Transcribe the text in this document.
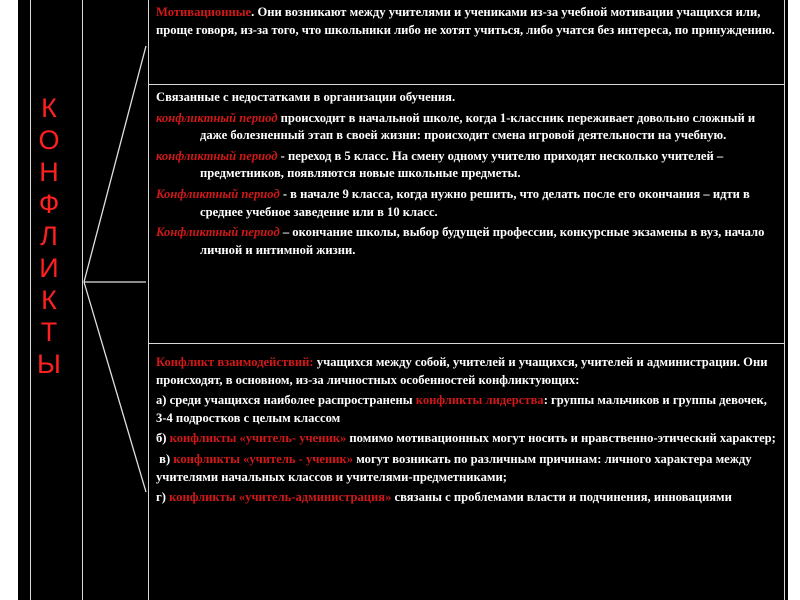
К
О
Н
Ф
Л
И
К
Т
Ы

Мотивационные. Они возникают между учителями и учениками из-за учебной мотивации учащихся или, проще говоря, из-за того, что школьники либо не хотят учиться, либо учатся без интереса, по принуждению.

Связанные с недостатками в организации обучения.

конфликтный период происходит в начальной школе, когда 1-классник переживает довольно сложный и даже болезненный этап в своей жизни: происходит смена игровой деятельности на учебную.

конфликтный период - переход в 5 класс. На смену одному учителю приходят несколько учителей –предметников, появляются новые школьные предметы.

Конфликтный период - в начале 9 класса, когда нужно решить, что делать после его окончания – идти в среднее учебное заведение или в 10 класс.

Конфликтный период – окончание школы, выбор будущей профессии, конкурсные экзамены в вуз, начало личной и интимной жизни.

Конфликт взаимодействий: учащихся между собой, учителей и учащихся, учителей и администрации. Они происходят, в основном, из-за личностных особенностей конфликтующих:

а) среди учащихся наиболее распространены конфликты лидерства: группы мальчиков и группы девочек, 3-4 подростков с целым классом

б) конфликты «учитель- ученик» помимо мотивационных могут носить и нравственно-этический характер;

в) конфликты «учитель - ученик» могут возникать по различным причинам: личного характера между учителями начальных классов и учителями-предметниками;

г) конфликты «учитель-администрация» связаны с проблемами власти и подчинения, инновациями
